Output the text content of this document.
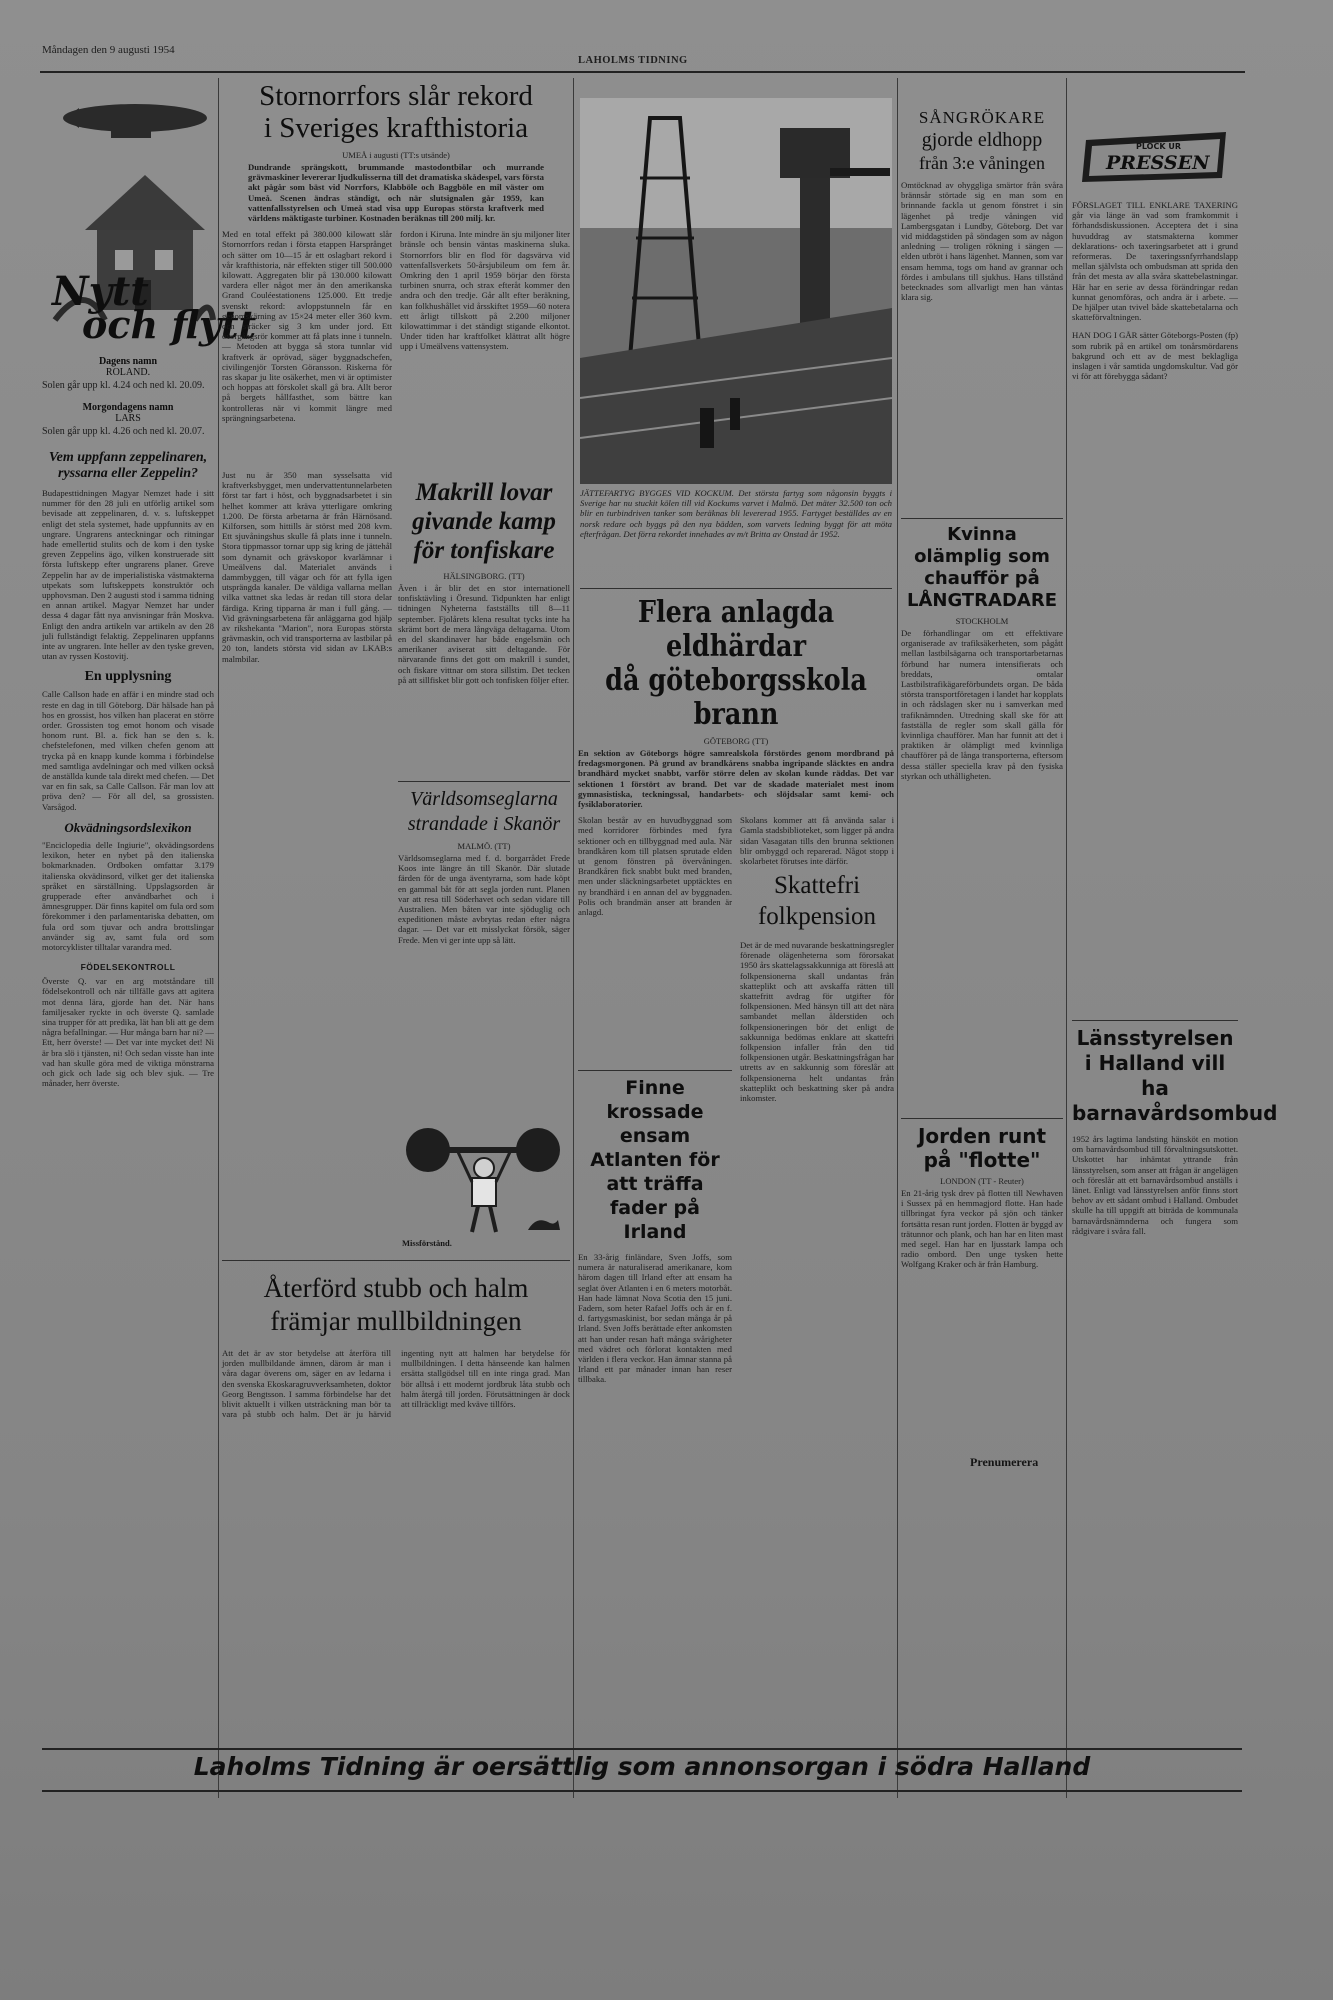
Måndagen den 9 augusti 1954
LAHOLMS TIDNING
Nytt
och flytt

Dagens namn

ROLAND.

Solen går upp kl. 4.24 och ned kl. 20.09.

Morgondagens namn

LARS

Solen går upp kl. 4.26 och ned kl. 20.07.

Vem uppfann zeppelinaren, ryssarna eller Zeppelin?

Budapesttidningen Magyar Nemzet hade i sitt nummer för den 28 juli en utförlig artikel som bevisade att zeppelinaren, d. v. s. luftskeppet enligt det stela systemet, hade uppfunnits av en ungrare. Ungrarens anteckningar och ritningar hade emellertid stulits och de kom i den tyske greven Zeppelins ägo, vilken konstruerade sitt första luftskepp efter ungrarens planer. Greve Zeppelin har av de imperialistiska västmakterna utpekats som luftskeppets konstruktör och upphovsman. Den 2 augusti stod i samma tidning en annan artikel. Magyar Nemzet har under dessa 4 dagar fått nya anvisningar från Moskva. Enligt den andra artikeln var artikeln av den 28 juli fullständigt felaktig. Zeppelinaren uppfanns inte av ungraren. Inte heller av den tyske greven, utan av ryssen Kostovitj.

En upplysning

Calle Callson hade en affär i en mindre stad och reste en dag in till Göteborg. Där hälsade han på hos en grossist, hos vilken han placerat en större order. Grossisten tog emot honom och visade honom runt. Bl. a. fick han se den s. k. chefstelefonen, med vilken chefen genom att trycka på en knapp kunde komma i förbindelse med samtliga avdelningar och med vilken också de anställda kunde tala direkt med chefen. — Det var en fin sak, sa Calle Callson. Får man lov att pröva den? — För all del, sa grossisten. Varsågod.

Okvädningsordslexikon

"Enciclopedia delle Ingiurie", okvädingsordens lexikon, heter en nybet på den italienska bokmarknaden. Ordboken omfattar 3.179 italienska okvädinsord, vilket ger det italienska språket en särställning. Uppslagsorden är grupperade efter användbarhet och i ämnesgrupper. Där finns kapitel om fula ord som förekommer i den parlamentariska debatten, om fula ord som tjuvar och andra brottslingar använder sig av, samt fula ord som motorcyklister tilltalar varandra med.

FÖDELSEKONTROLL

Överste Q. var en arg motståndare till födelsekontroll och när tillfälle gavs att agitera mot denna lära, gjorde han det. När hans familjesaker ryckte in och överste Q. samlade sina trupper för att predika, lät han bli att ge dem några befallningar. — Hur många barn har ni? — Ett, herr överste! — Det var inte mycket det! Ni är bra slö i tjänsten, ni! Och sedan visste han inte vad han skulle göra med de viktiga mönstrarna och gick och lade sig och blev sjuk. — Tre månader, herr överste.

Stornorrfors slår rekord

i Sveriges krafthistoria

UMEÅ i augusti (TT:s utsände)

Dundrande sprängskott, brummande mastodontbilar och murrande grävmaskiner levererar ljudkulisserna till det dramatiska skådespel, vars första akt pågår som bäst vid Norrfors, Klabböle och Baggböle en mil väster om Umeå. Scenen ändras ständigt, och när slutsignalen går 1959, kan vattenfallsstyrelsen och Umeå stad visa upp Europas största kraftverk med världens mäktigaste turbiner. Kostnaden beräknas till 200 milj. kr.

Med en total effekt på 380.000 kilowatt slår Stornorrfors redan i första etappen Harsprånget och sätter om 10—15 år ett oslagbart rekord i vår krafthistoria, när effekten stiger till 500.000 kilowatt. Aggregaten blir på 130.000 kilowatt vardera eller något mer än den amerikanska Grand Couléestationens 125.000. Ett tredje svenskt rekord: avloppstunneln får en genomskärning av 15×24 meter eller 360 kvm. och sträcker sig 3 km under jord. Ett övergångsrör kommer att få plats inne i tunneln. — Metoden att bygga så stora tunnlar vid kraftverk är oprövad, säger byggnadschefen, civilingenjör Torsten Göransson. Riskerna för ras skapar ju lite osäkerhet, men vi är optimister och hoppas att förskolet skall gå bra. Allt beror på bergets hållfasthet, som bättre kan kontrolleras när vi kommit längre med sprängningsarbetena.

fordon i Kiruna. Inte mindre än sju miljoner liter bränsle och bensin väntas maskinerna sluka. Stornorrfors blir en flod för dagsvärva vid vattenfallsverkets 50-årsjubileum om fem år. Omkring den 1 april 1959 börjar den första turbinen snurra, och strax efteråt kommer den andra och den tredje. Går allt efter beräkning, kan folkhushållet vid årsskiftet 1959—60 notera ett årligt tillskott på 2.200 miljoner kilowattimmar i det ständigt stigande elkontot. Under tiden har kraftfolket klättrat allt högre upp i Umeälvens vattensystem.

Just nu är 350 man sysselsatta vid kraftverksbygget, men undervattentunnelarbeten först tar fart i höst, och byggnadsarbetet i sin helhet kommer att kräva ytterligare omkring 1.200. De första arbetarna är från Härnösand. Kilforsen, som hittills är störst med 208 kvm. Ett sjuvåningshus skulle få plats inne i tunneln. Stora tippmassor tornar upp sig kring de jättehål som dynamit och grävskopor kvarlämnar i Umeälvens dal. Materialet används i dammbyggen, till vägar och för att fylla igen utsprängda kanaler. De väldiga vallarna mellan vilka vattnet ska ledas är redan till stora delar färdiga. Kring tipparna är man i full gång. — Vid grävningsarbetena får anläggarna god hjälp av rikshekanta "Marion", nora Europas största grävmaskin, och vid transporterna av lastbilar på 20 ton, landets största vid sidan av LKAB:s malmbilar.

Makrill lovar givande kamp för tonfiskare

HÄLSINGBORG. (TT)

Även i år blir det en stor internationell tonfisktävling i Öresund. Tidpunkten har enligt tidningen Nyheterna fastställts till 8—11 september. Fjolårets klena resultat tycks inte ha skrämt bort de mera långväga deltagarna. Utom en del skandinaver har både engelsmän och amerikaner aviserat sitt deltagande. För närvarande finns det gott om makrill i sundet, och fiskare vittnar om stora sillstim. Det tecken på att sillfisket blir gott och tonfisken följer efter.

Världsomseglarna strandade i Skanör

MALMÖ. (TT)

Världsomseglarna med f. d. borgarrådet Frede Koos inte längre än till Skanör. Där slutade färden för de unga äventyrarna, som hade köpt en gammal båt för att segla jorden runt. Planen var att resa till Söderhavet och sedan vidare till Australien. Men båten var inte sjöduglig och expeditionen måste avbrytas redan efter några dagar. — Det var ett misslyckat försök, säger Frede. Men vi ger inte upp så lätt.

Missförstånd.

Återförd stubb och halm främjar mullbildningen

Att det är av stor betydelse att återföra till jorden mullbildande ämnen, därom är man i våra dagar överens om, säger en av ledarna i den svenska Ekoskaragruvverksamheten, doktor Georg Bengtsson. I samma förbindelse har det blivit aktuellt i vilken utsträckning man bör ta vara på stubb och halm. Det är ju härvid ingenting nytt att halmen har betydelse för mullbildningen. I detta hänseende kan halmen ersätta stallgödsel till en inte ringa grad. Man bör alltså i ett modernt jordbruk låta stubb och halm återgå till jorden. Förutsättningen är dock att tillräckligt med kväve tillförs.

JÄTTEFARTYG BYGGES VID KOCKUM. Det största fartyg som någonsin byggts i Sverige har nu stuckit kölen till vid Kockums varvet i Malmö. Det mäter 32.500 ton och blir en turbindriven tanker som beräknas bli levererad 1955. Fartyget beställdes av en norsk redare och byggs på den nya bädden, som varvets ledning byggt för att möta efterfrågan. Det förra rekordet innehades av m/t Britta av Onstad år 1952.

Flera anlagda eldhärdar

då göteborgsskola brann

GÖTEBORG (TT)

En sektion av Göteborgs högre samrealskola förstördes genom mordbrand på fredagsmorgonen. På grund av brandkårens snabba ingripande släcktes en andra brandhärd mycket snabbt, varför större delen av skolan kunde räddas. Det var sektionen 1 förstört av brand. Det var de skadade materialet mest inom gymnasistiska, teckningssal, handarbets- och slöjdsalar samt kemi- och fysiklaboratorier.

Skolan består av en huvudbyggnad som med korridorer förbindes med fyra sektioner och en tillbyggnad med aula. När brandkåren kom till platsen sprutade elden ut genom fönstren på övervåningen. Brandkåren fick snabbt bukt med branden, men under släckningsarbetet upptäcktes en ny brandhärd i en annan del av byggnaden. Polis och brandmän anser att branden är anlagd.

Skolans kommer att få använda salar i Gamla stadsbiblioteket, som ligger på andra sidan Vasagatan tills den brunna sektionen blir ombyggd och reparerad. Något stopp i skolarbetet förutses inte därför.

Finne krossade ensam Atlanten för att träffa fader på Irland

En 33-årig finländare, Sven Joffs, som numera är naturaliserad amerikanare, kom härom dagen till Irland efter att ensam ha seglat över Atlanten i en 6 meters motorbåt. Han hade lämnat Nova Scotia den 15 juni. Fadern, som heter Rafael Joffs och är en f. d. fartygsmaskinist, bor sedan många år på Irland. Sven Joffs berättade efter ankomsten att han under resan haft många svårigheter med vädret och förlorat kontakten med världen i flera veckor. Han ämnar stanna på Irland ett par månader innan han reser tillbaka.

Skattefri folkpension

Det är de med nuvarande beskattningsregler förenade olägenheterna som förorsakat 1950 års skattelagssakkunniga att föreslå att folkpensionerna skall undantas från skatteplikt och att avskaffa rätten till skattefritt avdrag för utgifter för folkpensionen. Med hänsyn till att det nära sambandet mellan ålderstiden och folkpensioneringen bör det enligt de sakkunniga bedömas enklare att skattefri folkpension infaller från den tid folkpensionen utgår. Beskattningsfrågan har utretts av en sakkunnig som föreslår att folkpensionerna helt undantas från skatteplikt och beskattning sker på andra inkomster.

SÅNGRÖKARE

gjorde eldhopp

från 3:e våningen

Omtöcknad av ohyggliga smärtor från svåra brännsår störtade sig en man som en brinnande fackla ut genom fönstret i sin lägenhet på tredje våningen vid Lambergsgatan i Lundby, Göteborg. Det var vid middagstiden på söndagen som av någon anledning — troligen rökning i sängen — elden utbröt i hans lägenhet. Mannen, som var ensam hemma, togs om hand av grannar och fördes i ambulans till sjukhus. Hans tillstånd betecknades som allvarligt men han väntas klara sig.

Kvinna olämplig som chaufför på LÅNGTRADARE

STOCKHOLM

De förhandlingar om ett effektivare organiserade av trafiksäkerheten, som pågått mellan lastbilsägarna och transportarbetarnas förbund har numera intensifierats och breddats, omtalar Lastbilstrafikägareförbundets organ. De båda största transportföretagen i landet har kopplats in och rådslagen sker nu i samverkan med trafiknämnden. Utredning skall ske för att fastställa de regler som skall gälla för kvinnliga chaufförer. Man har funnit att det i praktiken är olämpligt med kvinnliga chaufförer på de långa transporterna, eftersom dessa ställer speciella krav på den fysiska styrkan och uthålligheten.

Jorden runt på "flotte"

LONDON (TT - Reuter)

En 21-årig tysk drev på flotten till Newhaven i Sussex på en hemmagjord flotte. Han hade tillbringat fyra veckor på sjön och tänker fortsätta resan runt jorden. Flotten är byggd av trätunnor och plank, och han har en liten mast med segel. Han har en ljusstark lampa och radio ombord. Den unge tysken hette Wolfgang Kraker och är från Hamburg.

Prenumerera
PLOCK UR
PRESSEN

FÖRSLAGET TILL ENKLARE TAXERING går via länge än vad som framkommit i förhandsdiskussionen. Acceptera det i sina huvuddrag av statsmakterna kommer deklarations- och taxeringsarbetet att i grund reformeras. De taxeringssnfyrrhandslapp mellan självlsta och ombudsman att sprida den från det mesta av alla svåra skattebelastningar. Här har en serie av dessa förändringar redan kunnat genomföras, och andra är i arbete. — De hjälper utan tvivel både skattebetalarna och skatteförvaltningen.

HAN DOG I GÅR sätter Göteborgs-Posten (fp) som rubrik på en artikel om tonårsmördarens bakgrund och ett av de mest beklagliga inslagen i vår samtida ungdomskultur. Vad gör vi för att förebygga sådant?

Länsstyrelsen i Halland vill ha barnavårdsombud

1952 års lagtima landsting hänsköt en motion om barnavårdsombud till förvaltningsutskottet. Utskottet har inhämtat yttrande från länsstyrelsen, som anser att frågan är angelägen och föreslår att ett barnavårdsombud anställs i länet. Enligt vad länsstyrelsen anför finns stort behov av ett sådant ombud i Halland. Ombudet skulle ha till uppgift att biträda de kommunala barnavårdsnämnderna och fungera som rådgivare i svåra fall.

Laholms Tidning är oersättlig som annonsorgan i södra Halland
